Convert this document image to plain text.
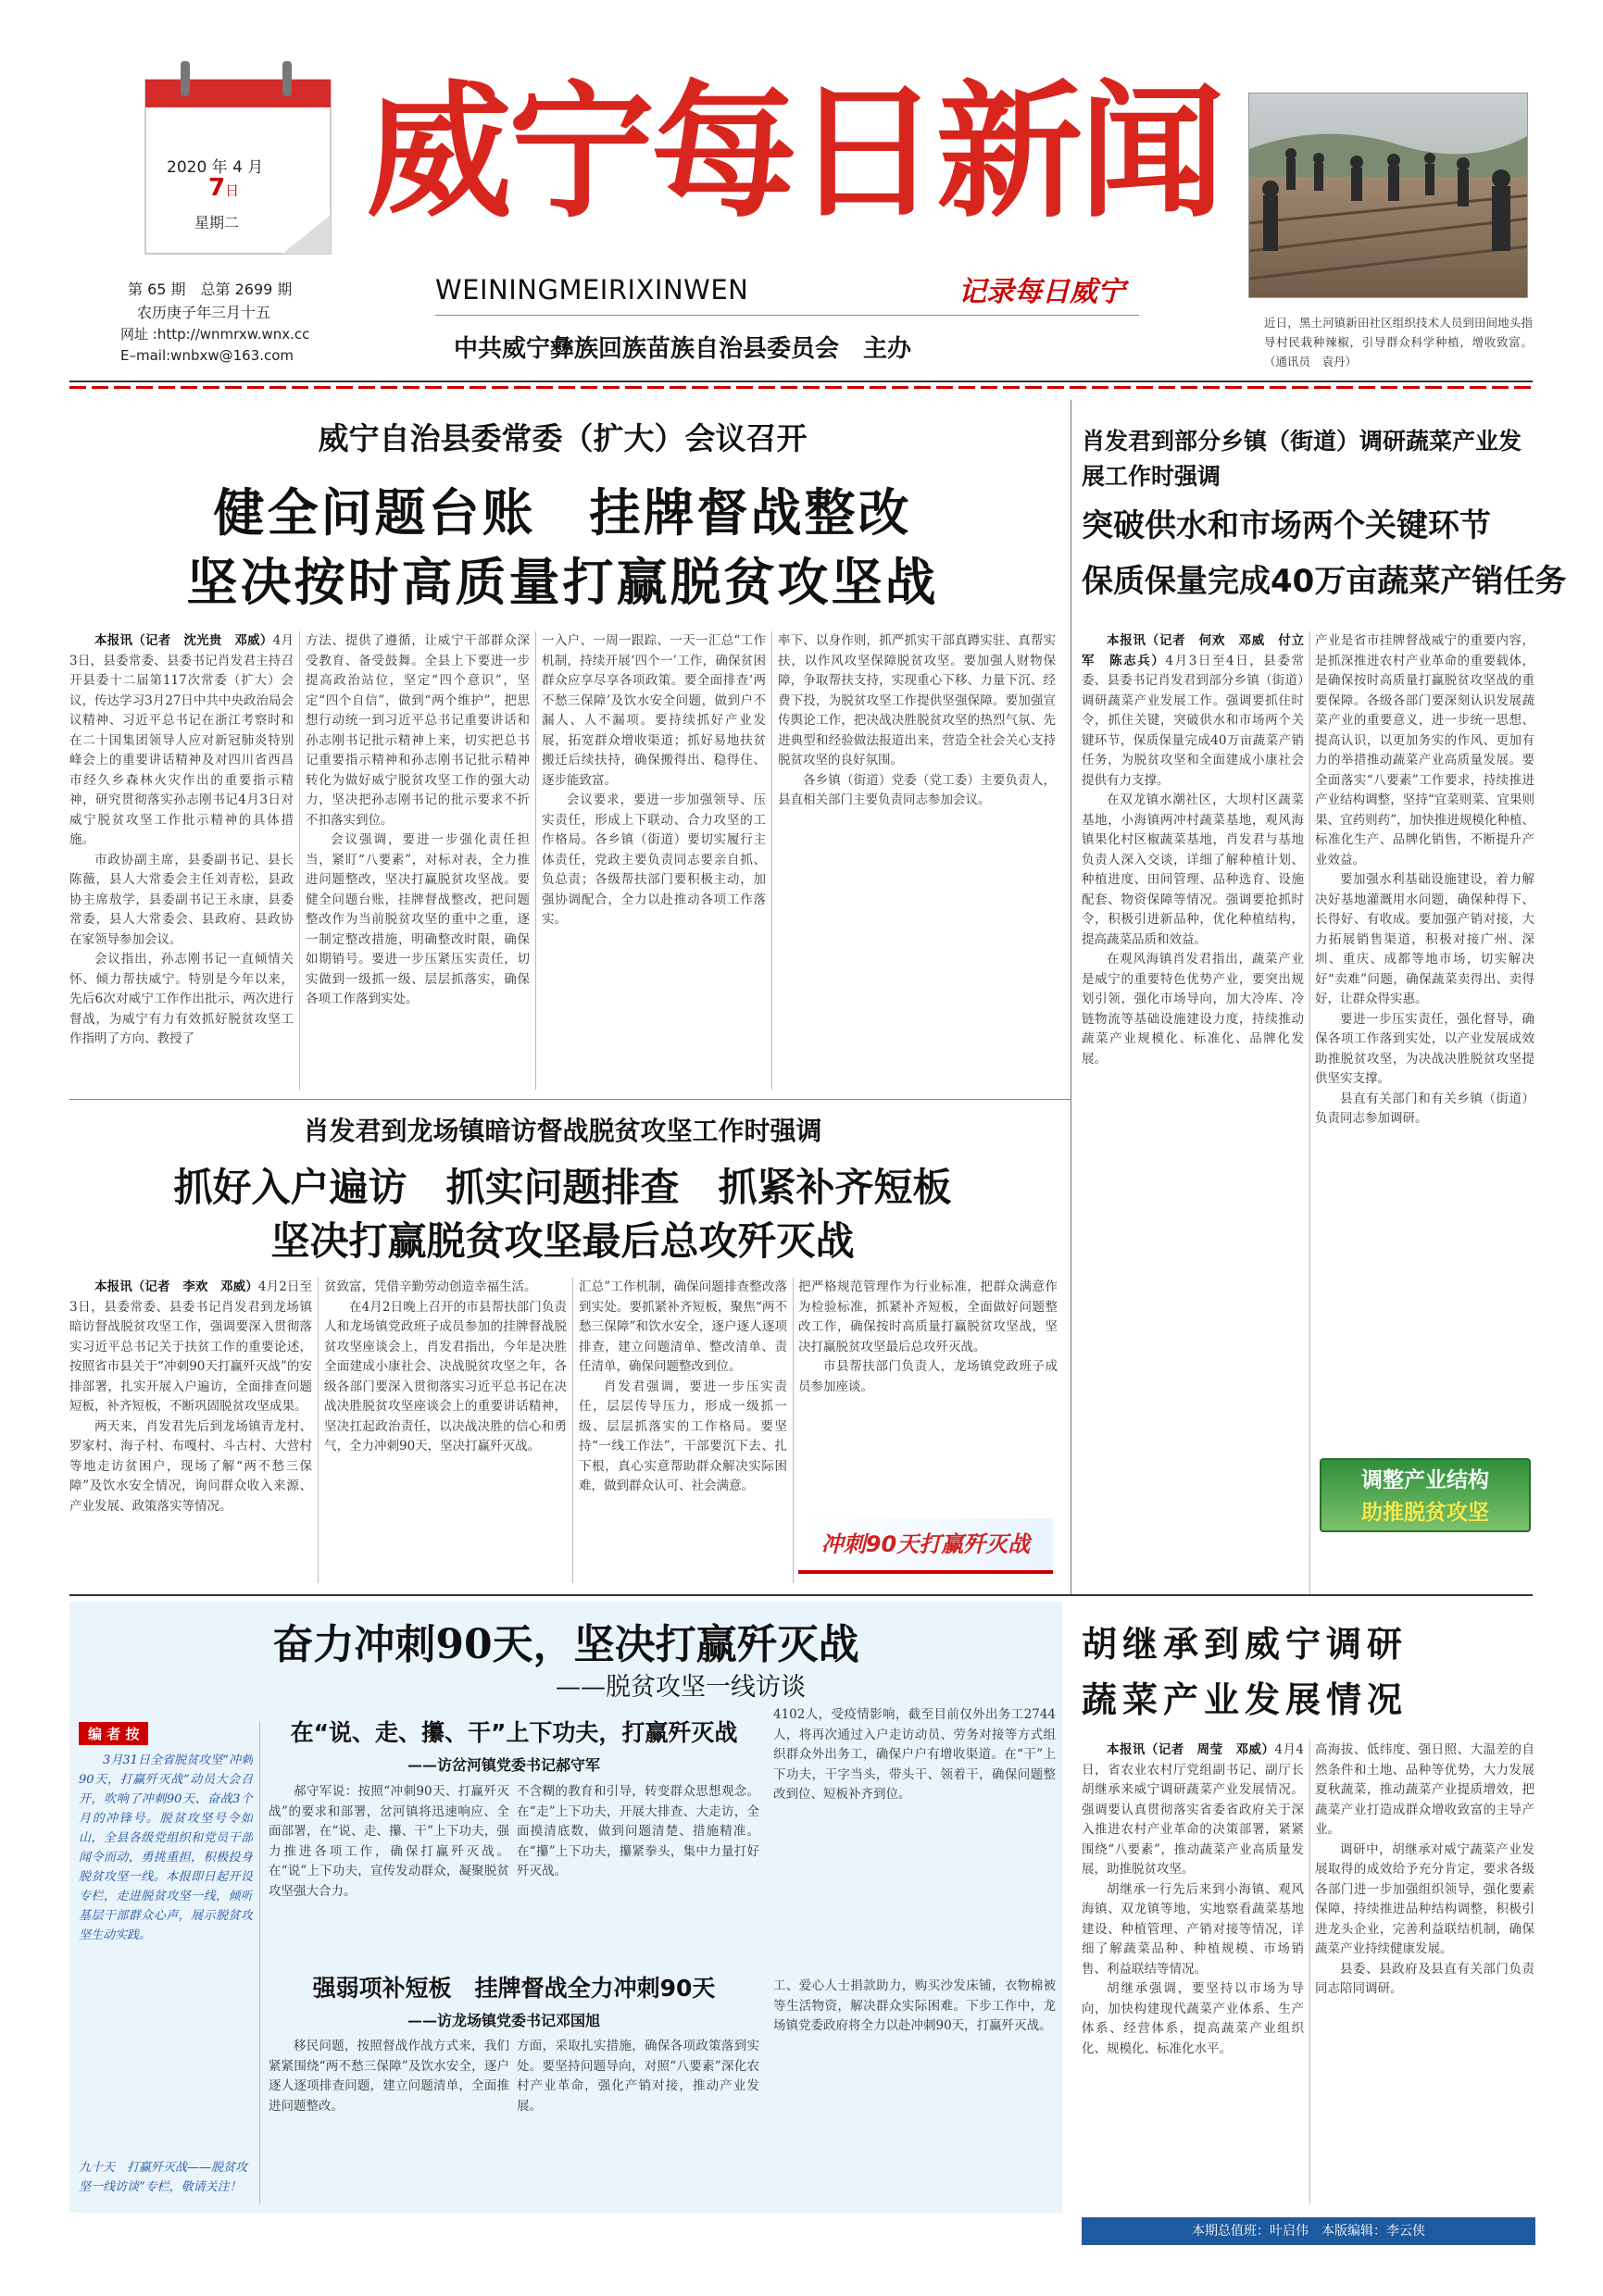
2020 年 4 月
7日
星期二
第 65 期　总第 2699 期
农历庚子年三月十五
网址 :http://wnmrxw.wnx.cc
E–mail:wnbxw@163.com
威宁每日新闻
WEININGMEIRIXINWEN	记录每日威宁
中共威宁彝族回族苗族自治县委员会　主办
近日，黑土河镇新田社区组织技术人员到田间地头指导村民栽种辣椒，引导群众科学种植，增收致富。（通讯员　袁丹）
威宁自治县委常委（扩大）会议召开
健全问题台账　挂牌督战整改
坚决按时高质量打赢脱贫攻坚战

本报讯（记者　沈光贵　邓威）4月3日，县委常委、县委书记肖发君主持召开县委十二届第117次常委（扩大）会议，传达学习3月27日中共中央政治局会议精神、习近平总书记在浙江考察时和在二十国集团领导人应对新冠肺炎特别峰会上的重要讲话精神及对四川省西昌市经久乡森林火灾作出的重要指示精神，研究贯彻落实孙志刚书记4月3日对威宁脱贫攻坚工作批示精神的具体措施。

市政协副主席，县委副书记、县长陈薇，县人大常委会主任刘青松，县政协主席敖学，县委副书记王永康，县委常委，县人大常委会、县政府、县政协在家领导参加会议。

会议指出，孙志刚书记一直倾情关怀、倾力帮扶威宁。特别是今年以来，先后6次对威宁工作作出批示，两次进行督战，为威宁有力有效抓好脱贫攻坚工作指明了方向、教授了

方法、提供了遵循，让威宁干部群众深受教育、备受鼓舞。全县上下要进一步提高政治站位，坚定“四个意识”，坚定“四个自信”，做到“两个维护”，把思想行动统一到习近平总书记重要讲话和孙志刚书记批示精神上来，切实把总书记重要指示精神和孙志刚书记批示精神转化为做好威宁脱贫攻坚工作的强大动力，坚决把孙志刚书记的批示要求不折不扣落实到位。

会议强调，要进一步强化责任担当，紧盯“八要素”，对标对表，全力推进问题整改，坚决打赢脱贫攻坚战。要健全问题台账，挂牌督战整改，把问题整改作为当前脱贫攻坚的重中之重，逐一制定整改措施，明确整改时限，确保如期销号。要进一步压紧压实责任，切实做到一级抓一级、层层抓落实，确保各项工作落到实处。

一入户、一周一跟踪、一天一汇总“工作机制，持续开展‘四个一’工作，确保贫困群众应享尽享各项政策。要全面排查‘两不愁三保障’及饮水安全问题，做到户不漏人、人不漏项。要持续抓好产业发展，拓宽群众增收渠道；抓好易地扶贫搬迁后续扶持，确保搬得出、稳得住、逐步能致富。

会议要求，要进一步加强领导、压实责任，形成上下联动、合力攻坚的工作格局。各乡镇（街道）要切实履行主体责任，党政主要负责同志要亲自抓、负总责；各级帮扶部门要积极主动，加强协调配合，全力以赴推动各项工作落实。

率下、以身作则，抓严抓实干部真蹲实驻、真帮实扶，以作风攻坚保障脱贫攻坚。要加强人财物保障，争取帮扶支持，实现重心下移、力量下沉、经费下投，为脱贫攻坚工作提供坚强保障。要加强宣传舆论工作，把决战决胜脱贫攻坚的热烈气氛、先进典型和经验做法报道出来，营造全社会关心支持脱贫攻坚的良好氛围。

各乡镇（街道）党委（党工委）主要负责人，县直相关部门主要负责同志参加会议。

肖发君到部分乡镇（街道）调研蔬菜产业发展工作时强调
突破供水和市场两个关键环节
保质保量完成40万亩蔬菜产销任务

本报讯（记者　何欢　邓威　付立军　陈志兵）4月3日至4日，县委常委、县委书记肖发君到部分乡镇（街道）调研蔬菜产业发展工作。强调要抓住时令，抓住关键，突破供水和市场两个关键环节，保质保量完成40万亩蔬菜产销任务，为脱贫攻坚和全面建成小康社会提供有力支撑。

在双龙镇水潮社区，大坝村区蔬菜基地，小海镇两冲村蔬菜基地，观风海镇果化村区椒蔬菜基地，肖发君与基地负责人深入交谈，详细了解种植计划、种植进度、田间管理、品种选育、设施配套、物资保障等情况。强调要抢抓时令，积极引进新品种，优化种植结构，提高蔬菜品质和效益。

在观风海镇肖发君指出，蔬菜产业是威宁的重要特色优势产业，要突出规划引领，强化市场导向，加大冷库、冷链物流等基础设施建设力度，持续推动蔬菜产业规模化、标准化、品牌化发展。

产业是省市挂牌督战威宁的重要内容，是抓深推进农村产业革命的重要载体，是确保按时高质量打赢脱贫攻坚战的重要保障。各级各部门要深刻认识发展蔬菜产业的重要意义，进一步统一思想、提高认识，以更加务实的作风、更加有力的举措推动蔬菜产业高质量发展。要全面落实“八要素”工作要求，持续推进产业结构调整，坚持“宜菜则菜、宜果则果、宜药则药”，加快推进规模化种植、标准化生产、品牌化销售，不断提升产业效益。

要加强水利基础设施建设，着力解决好基地灌溉用水问题，确保种得下、长得好、有收成。要加强产销对接，大力拓展销售渠道，积极对接广州、深圳、重庆、成都等地市场，切实解决好“卖难”问题，确保蔬菜卖得出、卖得好，让群众得实惠。

要进一步压实责任，强化督导，确保各项工作落到实处，以产业发展成效助推脱贫攻坚，为决战决胜脱贫攻坚提供坚实支撑。

县直有关部门和有关乡镇（街道）负责同志参加调研。

调整产业结构
助推脱贫攻坚
肖发君到龙场镇暗访督战脱贫攻坚工作时强调
抓好入户遍访　抓实问题排查　抓紧补齐短板
坚决打赢脱贫攻坚最后总攻歼灭战

本报讯（记者　李欢　邓威）4月2日至3日，县委常委、县委书记肖发君到龙场镇暗访督战脱贫攻坚工作，强调要深入贯彻落实习近平总书记关于扶贫工作的重要论述，按照省市县关于“冲刺90天打赢歼灭战”的安排部署，扎实开展入户遍访，全面排查问题短板，补齐短板，不断巩固脱贫攻坚成果。

两天来，肖发君先后到龙场镇青龙村、罗家村、海子村、布嘎村、斗古村、大营村等地走访贫困户，现场了解“两不愁三保障”及饮水安全情况，询问群众收入来源、产业发展、政策落实等情况。

贫致富，凭借辛勤劳动创造幸福生活。

在4月2日晚上召开的市县帮扶部门负责人和龙场镇党政班子成员参加的挂牌督战脱贫攻坚座谈会上，肖发君指出，今年是决胜全面建成小康社会、决战脱贫攻坚之年，各级各部门要深入贯彻落实习近平总书记在决战决胜脱贫攻坚座谈会上的重要讲话精神，坚决扛起政治责任，以决战决胜的信心和勇气，全力冲刺90天，坚决打赢歼灭战。

汇总”工作机制，确保问题排查整改落到实处。要抓紧补齐短板，聚焦“两不愁三保障”和饮水安全，逐户逐人逐项排查，建立问题清单、整改清单、责任清单，确保问题整改到位。

肖发君强调，要进一步压实责任，层层传导压力，形成一级抓一级、层层抓落实的工作格局。要坚持“一线工作法”，干部要沉下去、扎下根，真心实意帮助群众解决实际困难，做到群众认可、社会满意。

把严格规范管理作为行业标准，把群众满意作为检验标准，抓紧补齐短板，全面做好问题整改工作，确保按时高质量打赢脱贫攻坚战，坚决打赢脱贫攻坚最后总攻歼灭战。

市县帮扶部门负责人，龙场镇党政班子成员参加座谈。

冲刺90天打赢歼灭战
奋力冲刺90天，坚决打赢歼灭战
——脱贫攻坚一线访谈
编 者 按
3月31日全省脱贫攻坚“冲刺90天，打赢歼灭战”动员大会召开，吹响了冲刺90天、奋战3个月的冲锋号。脱贫攻坚号令如山，全县各级党组织和党员干部闻令而动，勇挑重担，积极投身脱贫攻坚一线。本报即日起开设专栏，走进脱贫攻坚一线，倾听基层干部群众心声，展示脱贫攻坚生动实践。
九十天　打赢歼灭战——脱贫攻坚一线访谈”专栏，敬请关注！
在“说、走、攥、干”上下功夫，打赢歼灭战
——访岔河镇党委书记郝守军

郝守军说：按照“冲刺90天、打赢歼灭战”的要求和部署，岔河镇将迅速响应、全面部署，在“说、走、攥、干”上下功夫，强力推进各项工作，确保打赢歼灭战。在“说”上下功夫，宣传发动群众，凝聚脱贫攻坚强大合力。

不含糊的教育和引导，转变群众思想观念。在“走”上下功夫，开展大排查、大走访，全面摸清底数，做到问题清楚、措施精准。在“攥”上下功夫，攥紧拳头，集中力量打好歼灭战。

4102人，受疫情影响，截至目前仅外出务工2744人，将再次通过入户走访动员、劳务对接等方式组织群众外出务工，确保户户有增收渠道。在“干”上下功夫，干字当头，带头干、领着干，确保问题整改到位、短板补齐到位。

强弱项补短板　挂牌督战全力冲刺90天
——访龙场镇党委书记邓国旭

移民问题，按照督战作战方式来，我们紧紧围绕“两不愁三保障”及饮水安全，逐户逐人逐项排查问题，建立问题清单，全面推进问题整改。

方面，采取扎实措施，确保各项政策落到实处。要坚持问题导向，对照“八要素”深化农村产业革命，强化产销对接，推动产业发展。

工、爱心人士捐款助力，购买沙发床铺，衣物棉被等生活物资，解决群众实际困难。下步工作中，龙场镇党委政府将全力以赴冲刺90天，打赢歼灭战。

胡继承到威宁调研
蔬菜产业发展情况

本报讯（记者　周莹　邓威）4月4日，省农业农村厅党组副书记、副厅长胡继承来威宁调研蔬菜产业发展情况。强调要认真贯彻落实省委省政府关于深入推进农村产业革命的决策部署，紧紧围绕“八要素”，推动蔬菜产业高质量发展，助推脱贫攻坚。

胡继承一行先后来到小海镇、观风海镇、双龙镇等地，实地察看蔬菜基地建设、种植管理、产销对接等情况，详细了解蔬菜品种、种植规模、市场销售、利益联结等情况。

胡继承强调，要坚持以市场为导向，加快构建现代蔬菜产业体系、生产体系、经营体系，提高蔬菜产业组织化、规模化、标准化水平。

高海拔、低纬度、强日照、大温差的自然条件和土地、品种等优势，大力发展夏秋蔬菜，推动蔬菜产业提质增效，把蔬菜产业打造成群众增收致富的主导产业。

调研中，胡继承对威宁蔬菜产业发展取得的成效给予充分肯定，要求各级各部门进一步加强组织领导，强化要素保障，持续推进品种结构调整，积极引进龙头企业，完善利益联结机制，确保蔬菜产业持续健康发展。

县委、县政府及县直有关部门负责同志陪同调研。

本期总值班：叶启伟　本版编辑：李云侠
